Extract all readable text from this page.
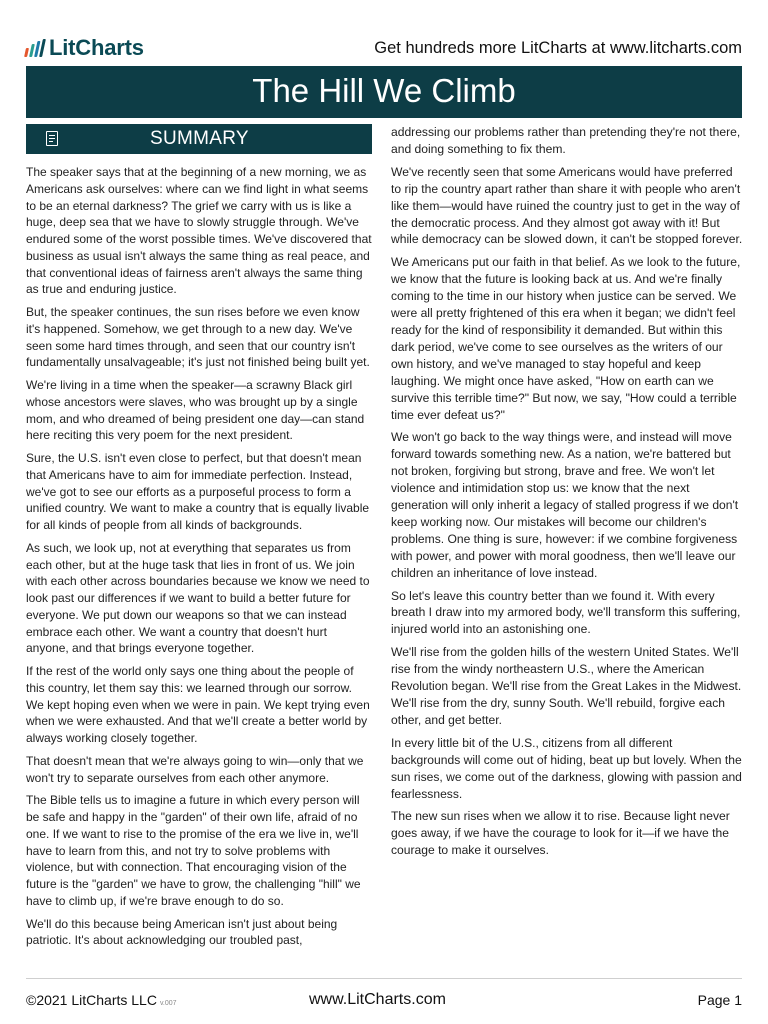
LitCharts	Get hundreds more LitCharts at www.litcharts.com
The Hill We Climb
SUMMARY

The speaker says that at the beginning of a new morning, we as Americans ask ourselves: where can we find light in what seems to be an eternal darkness? The grief we carry with us is like a huge, deep sea that we have to slowly struggle through. We've endured some of the worst possible times. We've discovered that business as usual isn't always the same thing as real peace, and that conventional ideas of fairness aren't always the same thing as true and enduring justice.

But, the speaker continues, the sun rises before we even know it's happened. Somehow, we get through to a new day. We've seen some hard times through, and seen that our country isn't fundamentally unsalvageable; it's just not finished being built yet.

We're living in a time when the speaker—a scrawny Black girl whose ancestors were slaves, who was brought up by a single mom, and who dreamed of being president one day—can stand here reciting this very poem for the next president.

Sure, the U.S. isn't even close to perfect, but that doesn't mean that Americans have to aim for immediate perfection. Instead, we've got to see our efforts as a purposeful process to form a unified country. We want to make a country that is equally livable for all kinds of people from all kinds of backgrounds.

As such, we look up, not at everything that separates us from each other, but at the huge task that lies in front of us. We join with each other across boundaries because we know we need to look past our differences if we want to build a better future for everyone. We put down our weapons so that we can instead embrace each other. We want a country that doesn't hurt anyone, and that brings everyone together.

If the rest of the world only says one thing about the people of this country, let them say this: we learned through our sorrow. We kept hoping even when we were in pain. We kept trying even when we were exhausted. And that we'll create a better world by always working closely together.

That doesn't mean that we're always going to win—only that we won't try to separate ourselves from each other anymore.

The Bible tells us to imagine a future in which every person will be safe and happy in the "garden" of their own life, afraid of no one. If we want to rise to the promise of the era we live in, we'll have to learn from this, and not try to solve problems with violence, but with connection. That encouraging vision of the future is the "garden" we have to grow, the challenging "hill" we have to climb up, if we're brave enough to do so.

We'll do this because being American isn't just about being patriotic. It's about acknowledging our troubled past,

addressing our problems rather than pretending they're not there, and doing something to fix them.

We've recently seen that some Americans would have preferred to rip the country apart rather than share it with people who aren't like them—would have ruined the country just to get in the way of the democratic process. And they almost got away with it! But while democracy can be slowed down, it can't be stopped forever.

We Americans put our faith in that belief. As we look to the future, we know that the future is looking back at us. And we're finally coming to the time in our history when justice can be served. We were all pretty frightened of this era when it began; we didn't feel ready for the kind of responsibility it demanded. But within this dark period, we've come to see ourselves as the writers of our own history, and we've managed to stay hopeful and keep laughing. We might once have asked, "How on earth can we survive this terrible time?" But now, we say, "How could a terrible time ever defeat us?"

We won't go back to the way things were, and instead will move forward towards something new. As a nation, we're battered but not broken, forgiving but strong, brave and free. We won't let violence and intimidation stop us: we know that the next generation will only inherit a legacy of stalled progress if we don't keep working now. Our mistakes will become our children's problems. One thing is sure, however: if we combine forgiveness with power, and power with moral goodness, then we'll leave our children an inheritance of love instead.

So let's leave this country better than we found it. With every breath I draw into my armored body, we'll transform this suffering, injured world into an astonishing one.

We'll rise from the golden hills of the western United States. We'll rise from the windy northeastern U.S., where the American Revolution began. We'll rise from the Great Lakes in the Midwest. We'll rise from the dry, sunny South. We'll rebuild, forgive each other, and get better.

In every little bit of the U.S., citizens from all different backgrounds will come out of hiding, beat up but lovely. When the sun rises, we come out of the darkness, glowing with passion and fearlessness.

The new sun rises when we allow it to rise. Because light never goes away, if we have the courage to look for it—if we have the courage to make it ourselves.

©2021 LitCharts LLC v.007	www.LitCharts.com	Page 1
